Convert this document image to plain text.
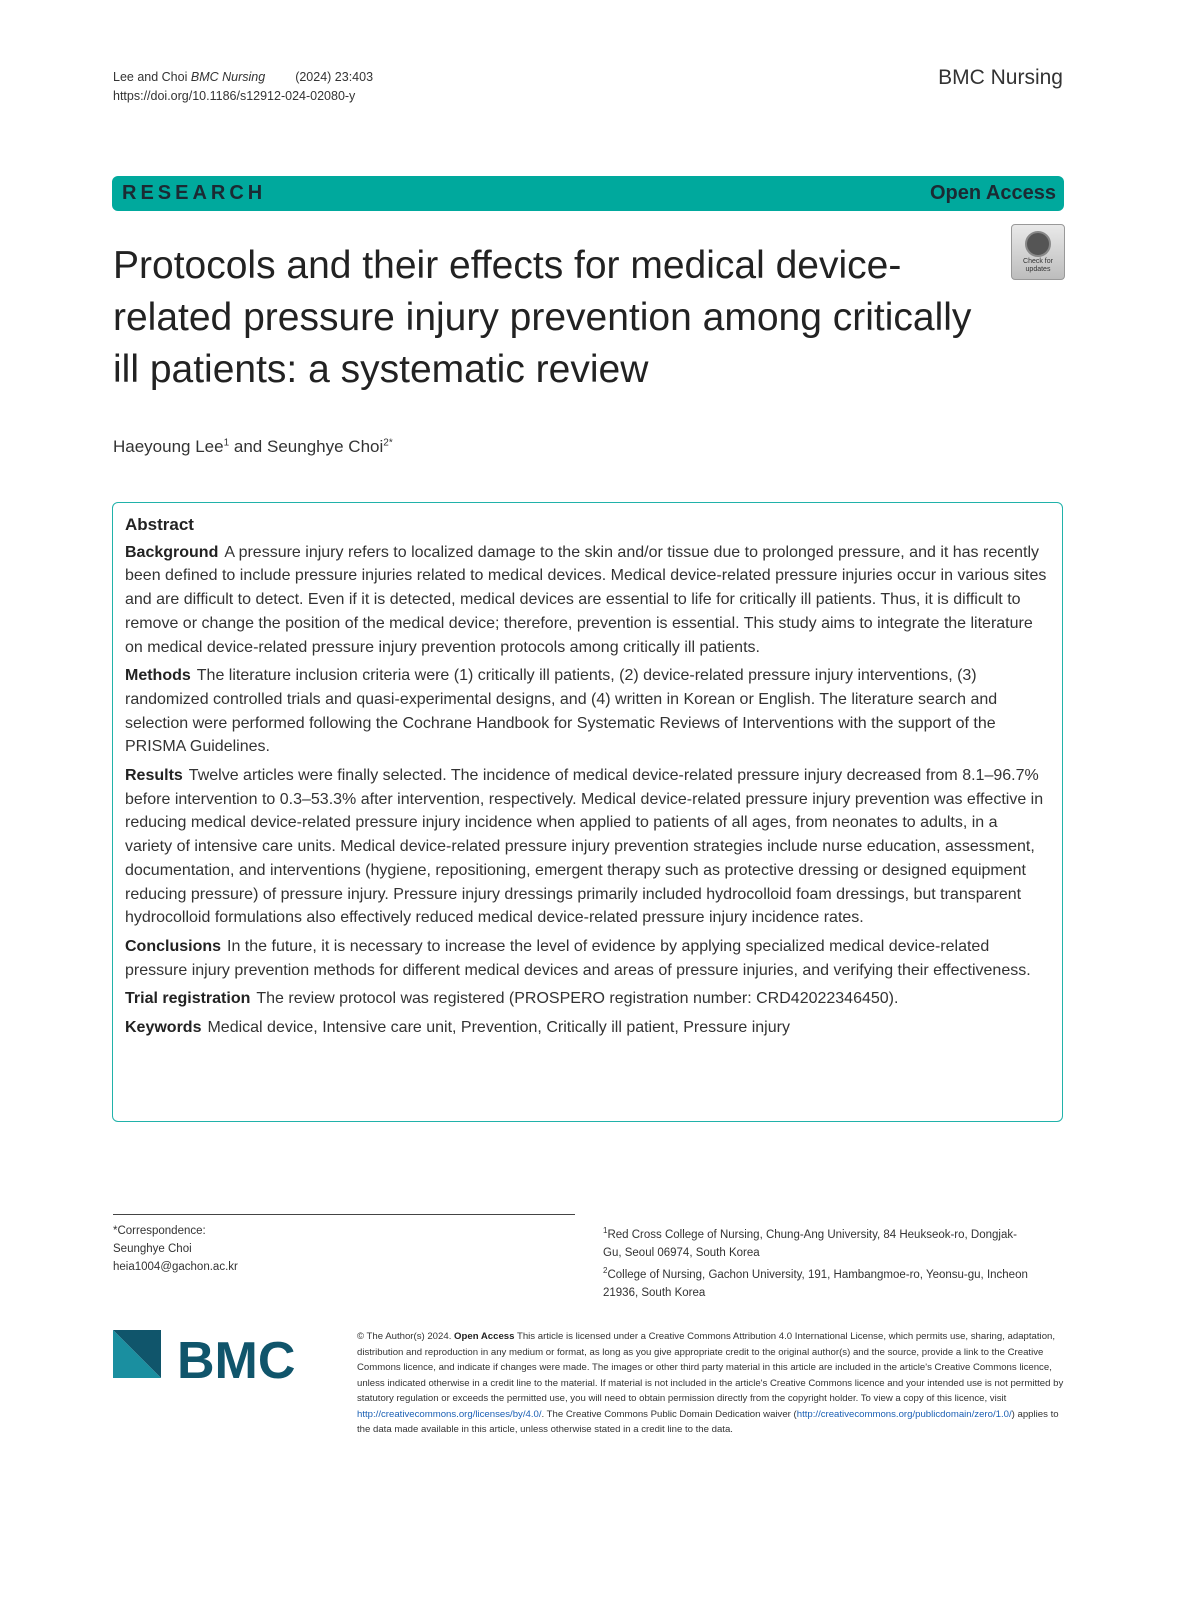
Lee and Choi BMC Nursing (2024) 23:403
https://doi.org/10.1186/s12912-024-02080-y
BMC Nursing
RESEARCH	Open Access
Protocols and their effects for medical device-related pressure injury prevention among critically ill patients: a systematic review
Check for updates
Haeyoung Lee$^1$ and Seunghye Choi$^{2*}$
Abstract

Background A pressure injury refers to localized damage to the skin and/or tissue due to prolonged pressure, and it has recently been defined to include pressure injuries related to medical devices. Medical device-related pressure injuries occur in various sites and are difficult to detect. Even if it is detected, medical devices are essential to life for critically ill patients. Thus, it is difficult to remove or change the position of the medical device; therefore, prevention is essential. This study aims to integrate the literature on medical device-related pressure injury prevention protocols among critically ill patients.

Methods The literature inclusion criteria were (1) critically ill patients, (2) device-related pressure injury interventions, (3) randomized controlled trials and quasi-experimental designs, and (4) written in Korean or English. The literature search and selection were performed following the Cochrane Handbook for Systematic Reviews of Interventions with the support of the PRISMA Guidelines.

Results Twelve articles were finally selected. The incidence of medical device-related pressure injury decreased from 8.1–96.7% before intervention to 0.3–53.3% after intervention, respectively. Medical device-related pressure injury prevention was effective in reducing medical device-related pressure injury incidence when applied to patients of all ages, from neonates to adults, in a variety of intensive care units. Medical device-related pressure injury prevention strategies include nurse education, assessment, documentation, and interventions (hygiene, repositioning, emergent therapy such as protective dressing or designed equipment reducing pressure) of pressure injury. Pressure injury dressings primarily included hydrocolloid foam dressings, but transparent hydrocolloid formulations also effectively reduced medical device-related pressure injury incidence rates.

Conclusions In the future, it is necessary to increase the level of evidence by applying specialized medical device-related pressure injury prevention methods for different medical devices and areas of pressure injuries, and verifying their effectiveness.

Trial registration The review protocol was registered (PROSPERO registration number: CRD42022346450).

Keywords Medical device, Intensive care unit, Prevention, Critically ill patient, Pressure injury

*Correspondence:
Seunghye Choi
heia1004@gachon.ac.kr
$^1$Red Cross College of Nursing, Chung-Ang University, 84 Heukseok-ro, Dongjak-Gu, Seoul 06974, South Korea
$^2$College of Nursing, Gachon University, 191, Hambangmoe-ro, Yeonsu-gu, Incheon 21936, South Korea
BMC	© The Author(s) 2024. Open Access This article is licensed under a Creative Commons Attribution 4.0 International License, which permits use, sharing, adaptation, distribution and reproduction in any medium or format, as long as you give appropriate credit to the original author(s) and the source, provide a link to the Creative Commons licence, and indicate if changes were made. The images or other third party material in this article are included in the article's Creative Commons licence, unless indicated otherwise in a credit line to the material. If material is not included in the article's Creative Commons licence and your intended use is not permitted by statutory regulation or exceeds the permitted use, you will need to obtain permission directly from the copyright holder. To view a copy of this licence, visit http://creativecommons.org/licenses/by/4.0/. The Creative Commons Public Domain Dedication waiver (http://creativecommons.org/publicdomain/zero/1.0/) applies to the data made available in this article, unless otherwise stated in a credit line to the data.
